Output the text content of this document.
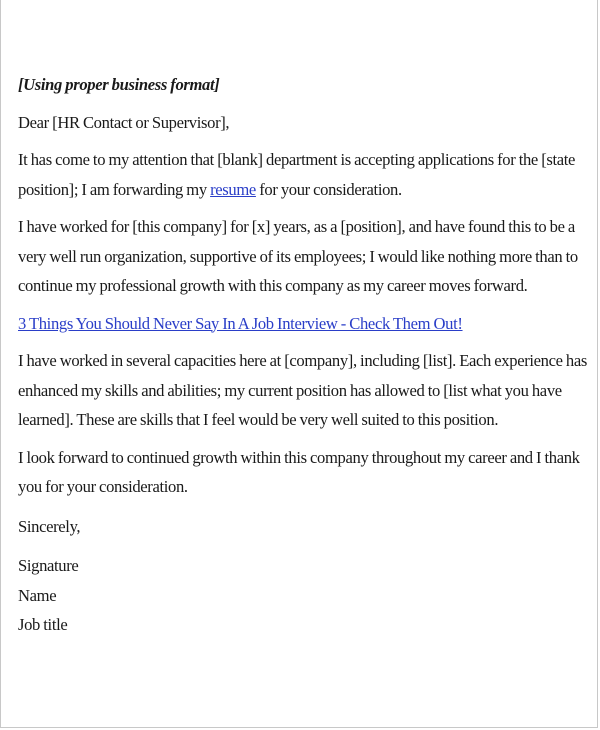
[Using proper business format]

Dear [HR Contact or Supervisor],

It has come to my attention that [blank] department is accepting applications for the [state position]; I am forwarding my resume for your consideration.

I have worked for [this company] for [x] years, as a [position], and have found this to be a very well run organization, supportive of its employees; I would like nothing more than to continue my professional growth with this company as my career moves forward.

3 Things You Should Never Say In A Job Interview - Check Them Out!

I have worked in several capacities here at [company], including [list]. Each experience has enhanced my skills and abilities; my current position has allowed to [list what you have learned]. These are skills that I feel would be very well suited to this position.

I look forward to continued growth within this company throughout my career and I thank you for your consideration.

Sincerely,

Signature

Name

Job title
